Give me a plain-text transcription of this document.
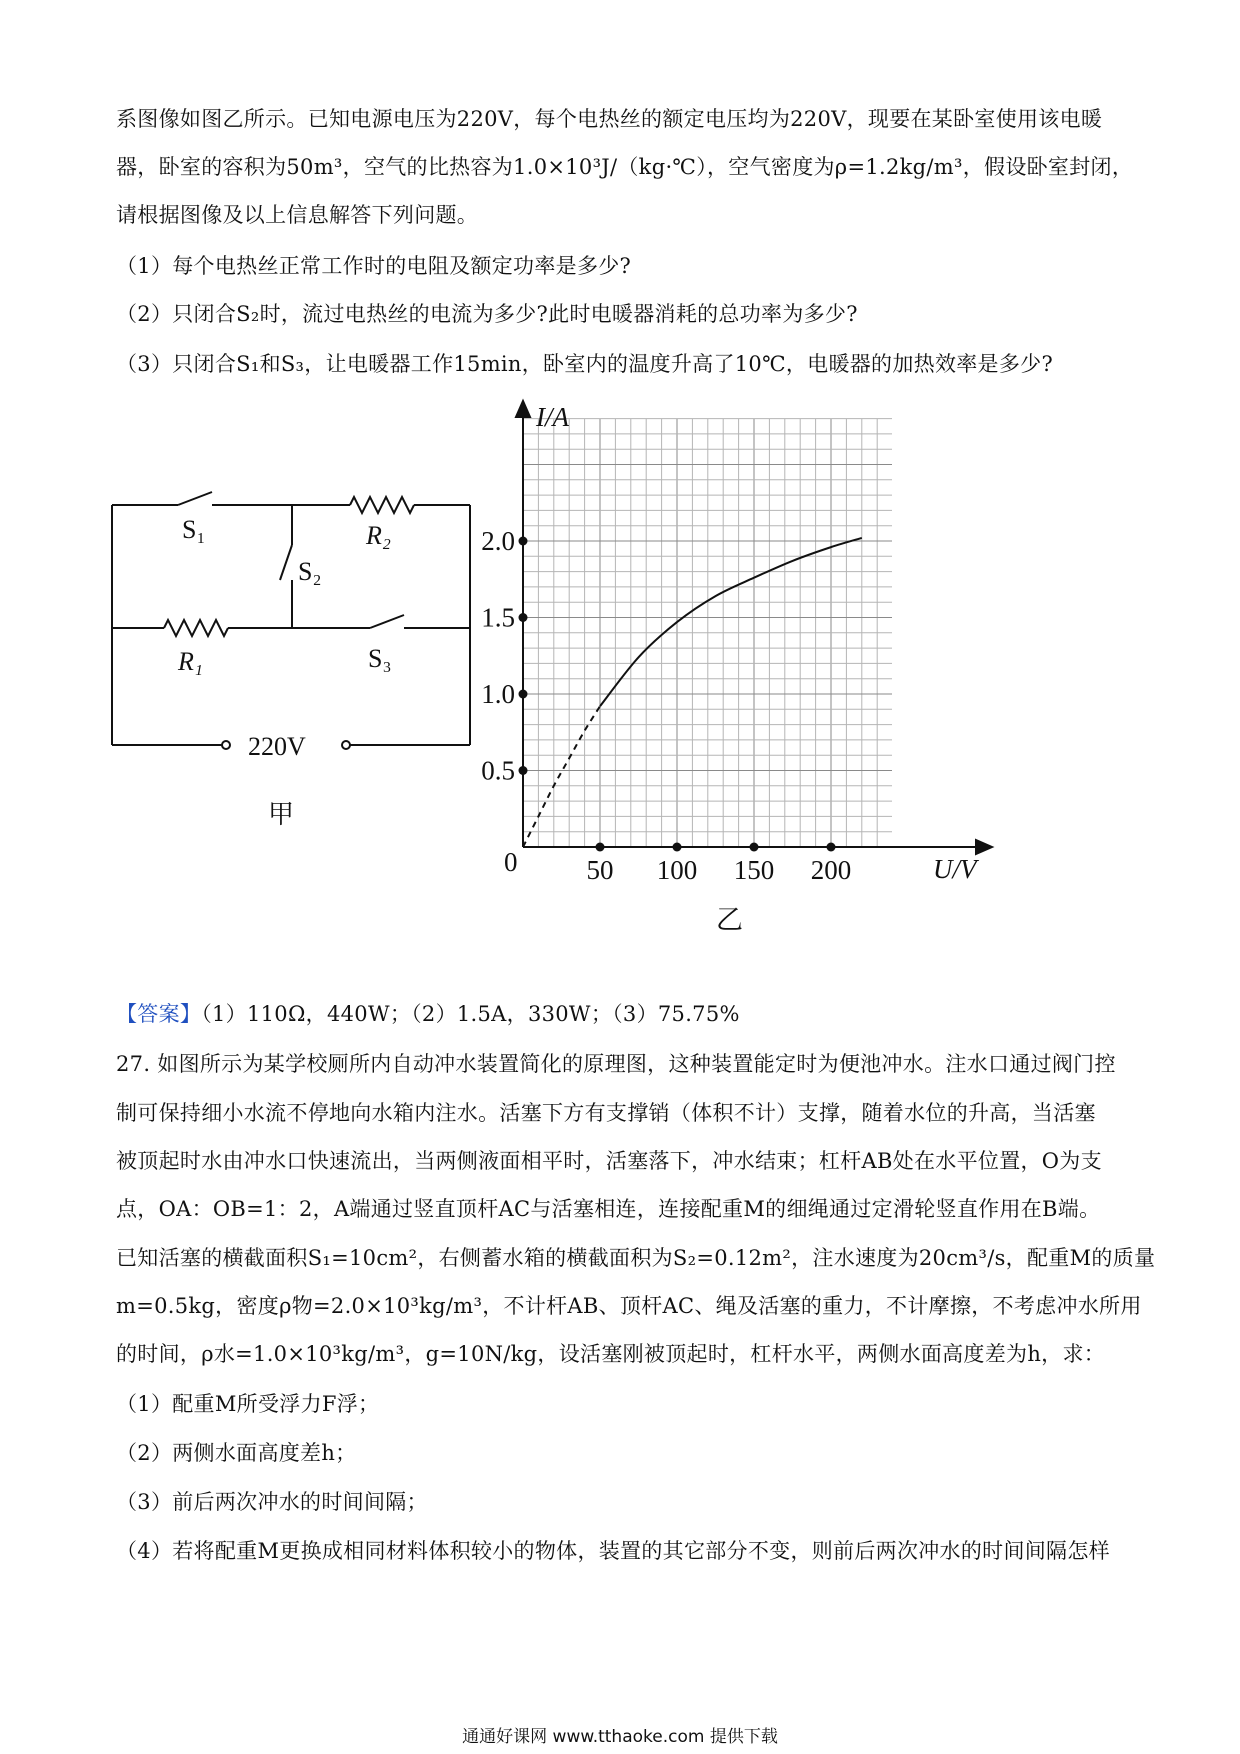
系图像如图乙所示。已知电源电压为220V，每个电热丝的额定电压均为220V，现要在某卧室使用该电暖
器，卧室的容积为50m³，空气的比热容为1.0×10³J/（kg·℃），空气密度为ρ=1.2kg/m³，假设卧室封闭，
请根据图像及以上信息解答下列问题。
（1）每个电热丝正常工作时的电阻及额定功率是多少?
（2）只闭合S₂时，流过电热丝的电流为多少?此时电暖器消耗的总功率为多少?
（3）只闭合S₁和S₃，让电暖器工作15min，卧室内的温度升高了10℃，电暖器的加热效率是多少?
S₁
S₂
S₃
R₁
R₂
220V
甲
0.5
1.0
1.5
2.0
50 100 150 200
I/A
U/V
0
乙
【答案】（1）110Ω，440W；（2）1.5A，330W；（3）75.75%
27. 如图所示为某学校厕所内自动冲水装置简化的原理图，这种装置能定时为便池冲水。注水口通过阀门控
制可保持细小水流不停地向水箱内注水。活塞下方有支撑销（体积不计）支撑，随着水位的升高，当活塞
被顶起时水由冲水口快速流出，当两侧液面相平时，活塞落下，冲水结束；杠杆AB处在水平位置，O为支
点，OA：OB=1：2，A端通过竖直顶杆AC与活塞相连，连接配重M的细绳通过定滑轮竖直作用在B端。
已知活塞的横截面积S₁=10cm²，右侧蓄水箱的横截面积为S₂=0.12m²，注水速度为20cm³/s，配重M的质量
m=0.5kg，密度ρ物=2.0×10³kg/m³，不计杆AB、顶杆AC、绳及活塞的重力，不计摩擦，不考虑冲水所用
的时间，ρ水=1.0×10³kg/m³，g=10N/kg，设活塞刚被顶起时，杠杆水平，两侧水面高度差为h，求：
（1）配重M所受浮力F浮；
（2）两侧水面高度差h；
（3）前后两次冲水的时间间隔；
（4）若将配重M更换成相同材料体积较小的物体，装置的其它部分不变，则前后两次冲水的时间间隔怎样
通通好课网 www.tthaoke.com 提供下载
